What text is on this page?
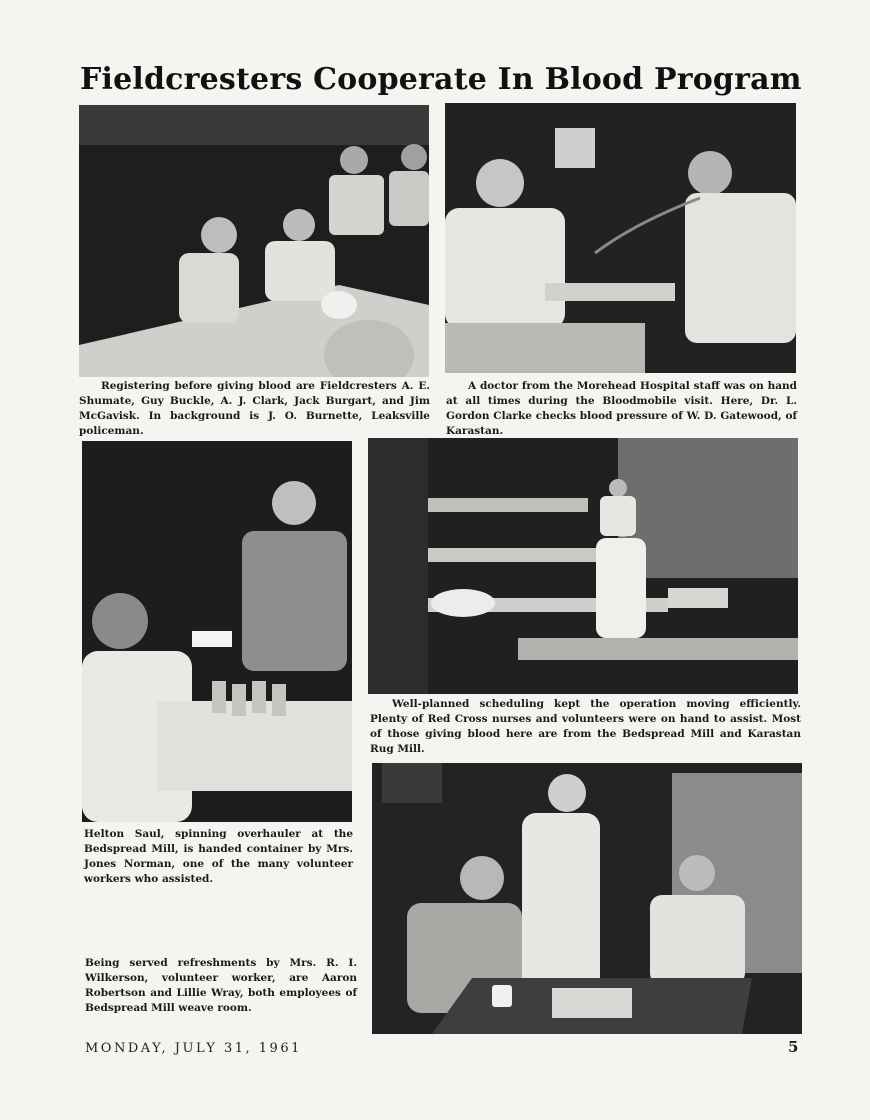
Fieldcresters Cooperate In Blood Program
Registering before giving blood are Fieldcresters A. E. Shumate, Guy Buckle, A. J. Clark, Jack Burgart, and Jim McGavisk. In background is J. O. Burnette, Leaksville policeman.
A doctor from the Morehead Hospital staff was on hand at all times during the Bloodmobile visit. Here, Dr. L. Gordon Clarke checks blood pressure of W. D. Gatewood, of Karastan.
Helton Saul, spinning overhauler at the Bedspread Mill, is handed container by Mrs. Jones Norman, one of the many volunteer workers who assisted.
Well-planned scheduling kept the operation moving efficiently. Plenty of Red Cross nurses and volunteers were on hand to assist. Most of those giving blood here are from the Bedspread Mill and Karastan Rug Mill.
Being served refreshments by Mrs. R. I. Wilkerson, volunteer worker, are Aaron Robertson and Lillie Wray, both employees of Bedspread Mill weave room.
MONDAY, JULY 31, 1961	5
